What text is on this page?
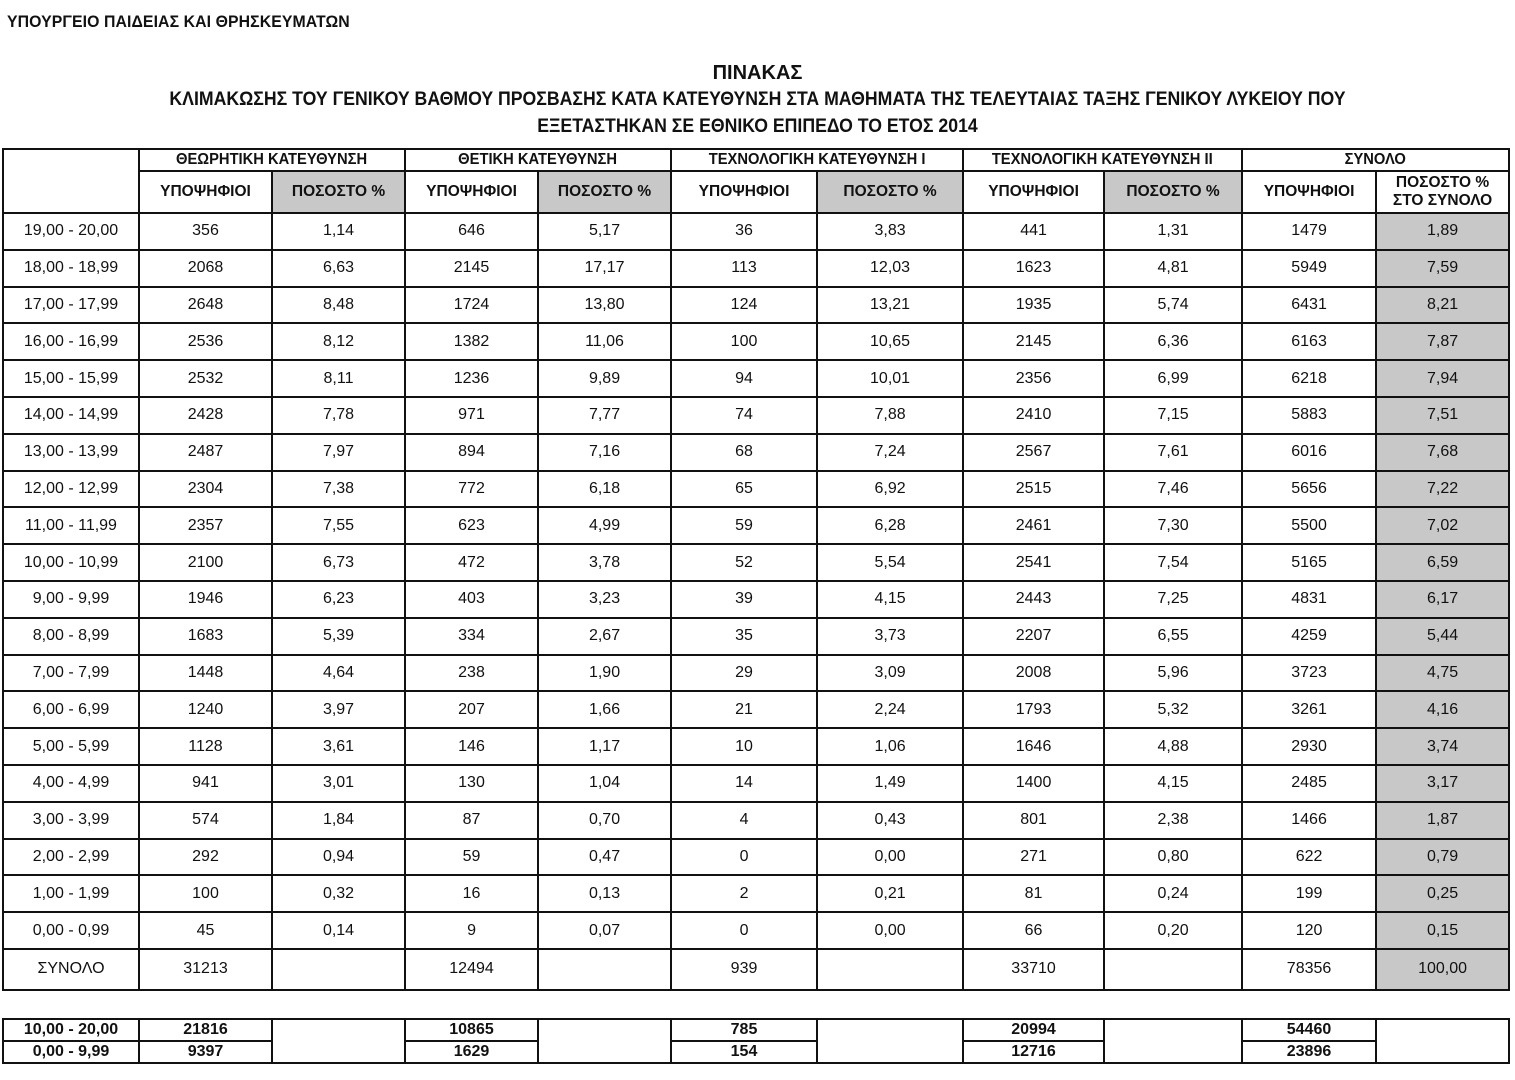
ΥΠΟΥΡΓΕΙΟ ΠΑΙΔΕΙΑΣ ΚΑΙ ΘΡΗΣΚΕΥΜΑΤΩΝ
ΠΙΝΑΚΑΣ
ΚΛΙΜΑΚΩΣΗΣ ΤΟΥ ΓΕΝΙΚΟΥ ΒΑΘΜΟΥ ΠΡΟΣΒΑΣΗΣ ΚΑΤΑ ΚΑΤΕΥΘΥΝΣΗ ΣΤΑ ΜΑΘΗΜΑΤΑ ΤΗΣ ΤΕΛΕΥΤΑΙΑΣ ΤΑΞΗΣ ΓΕΝΙΚΟΥ ΛΥΚΕΙΟΥ ΠΟΥ
ΕΞΕΤΑΣΤΗΚΑΝ ΣΕ ΕΘΝΙΚΟ ΕΠΙΠΕΔΟ ΤΟ ΕΤΟΣ 2014
	ΘΕΩΡΗΤΙΚΗ ΚΑΤΕΥΘΥΝΣΗ		ΘΕΤΙΚΗ ΚΑΤΕΥΘΥΝΣΗ		ΤΕΧΝΟΛΟΓΙΚΗ ΚΑΤΕΥΘΥΝΣΗ Ι		ΤΕΧΝΟΛΟΓΙΚΗ ΚΑΤΕΥΘΥΝΣΗ ΙΙ		ΣΥΝΟΛΟ	
	ΥΠΟΨΗΦΙΟΙ	ΠΟΣΟΣΤΟ %	ΥΠΟΨΗΦΙΟΙ	ΠΟΣΟΣΤΟ %	ΥΠΟΨΗΦΙΟΙ	ΠΟΣΟΣΤΟ %	ΥΠΟΨΗΦΙΟΙ	ΠΟΣΟΣΤΟ %	ΥΠΟΨΗΦΙΟΙ	ΠΟΣΟΣΤΟ %
ΣΤΟ ΣΥΝΟΛΟ

19,00 - 20,00	356	1,14	646	5,17	36	3,83	441	1,31	1479	1,89
18,00 - 18,99	2068	6,63	2145	17,17	113	12,03	1623	4,81	5949	7,59
17,00 - 17,99	2648	8,48	1724	13,80	124	13,21	1935	5,74	6431	8,21
16,00 - 16,99	2536	8,12	1382	11,06	100	10,65	2145	6,36	6163	7,87
15,00 - 15,99	2532	8,11	1236	9,89	94	10,01	2356	6,99	6218	7,94
14,00 - 14,99	2428	7,78	971	7,77	74	7,88	2410	7,15	5883	7,51
13,00 - 13,99	2487	7,97	894	7,16	68	7,24	2567	7,61	6016	7,68
12,00 - 12,99	2304	7,38	772	6,18	65	6,92	2515	7,46	5656	7,22
11,00 - 11,99	2357	7,55	623	4,99	59	6,28	2461	7,30	5500	7,02
10,00 - 10,99	2100	6,73	472	3,78	52	5,54	2541	7,54	5165	6,59
9,00 - 9,99	1946	6,23	403	3,23	39	4,15	2443	7,25	4831	6,17
8,00 - 8,99	1683	5,39	334	2,67	35	3,73	2207	6,55	4259	5,44
7,00 - 7,99	1448	4,64	238	1,90	29	3,09	2008	5,96	3723	4,75
6,00 - 6,99	1240	3,97	207	1,66	21	2,24	1793	5,32	3261	4,16
5,00 - 5,99	1128	3,61	146	1,17	10	1,06	1646	4,88	2930	3,74
4,00 - 4,99	941	3,01	130	1,04	14	1,49	1400	4,15	2485	3,17
3,00 - 3,99	574	1,84	87	0,70	4	0,43	801	2,38	1466	1,87
2,00 - 2,99	292	0,94	59	0,47	0	0,00	271	0,80	622	0,79
1,00 - 1,99	100	0,32	16	0,13	2	0,21	81	0,24	199	0,25
0,00 - 0,99	45	0,14	9	0,07	0	0,00	66	0,20	120	0,15
ΣΥΝΟΛΟ	31213		12494		939		33710		78356	100,00
10,00 - 20,00	21816		10865		785		20994		54460	
0,00 - 9,99	9397		1629		154		12716		23896	
